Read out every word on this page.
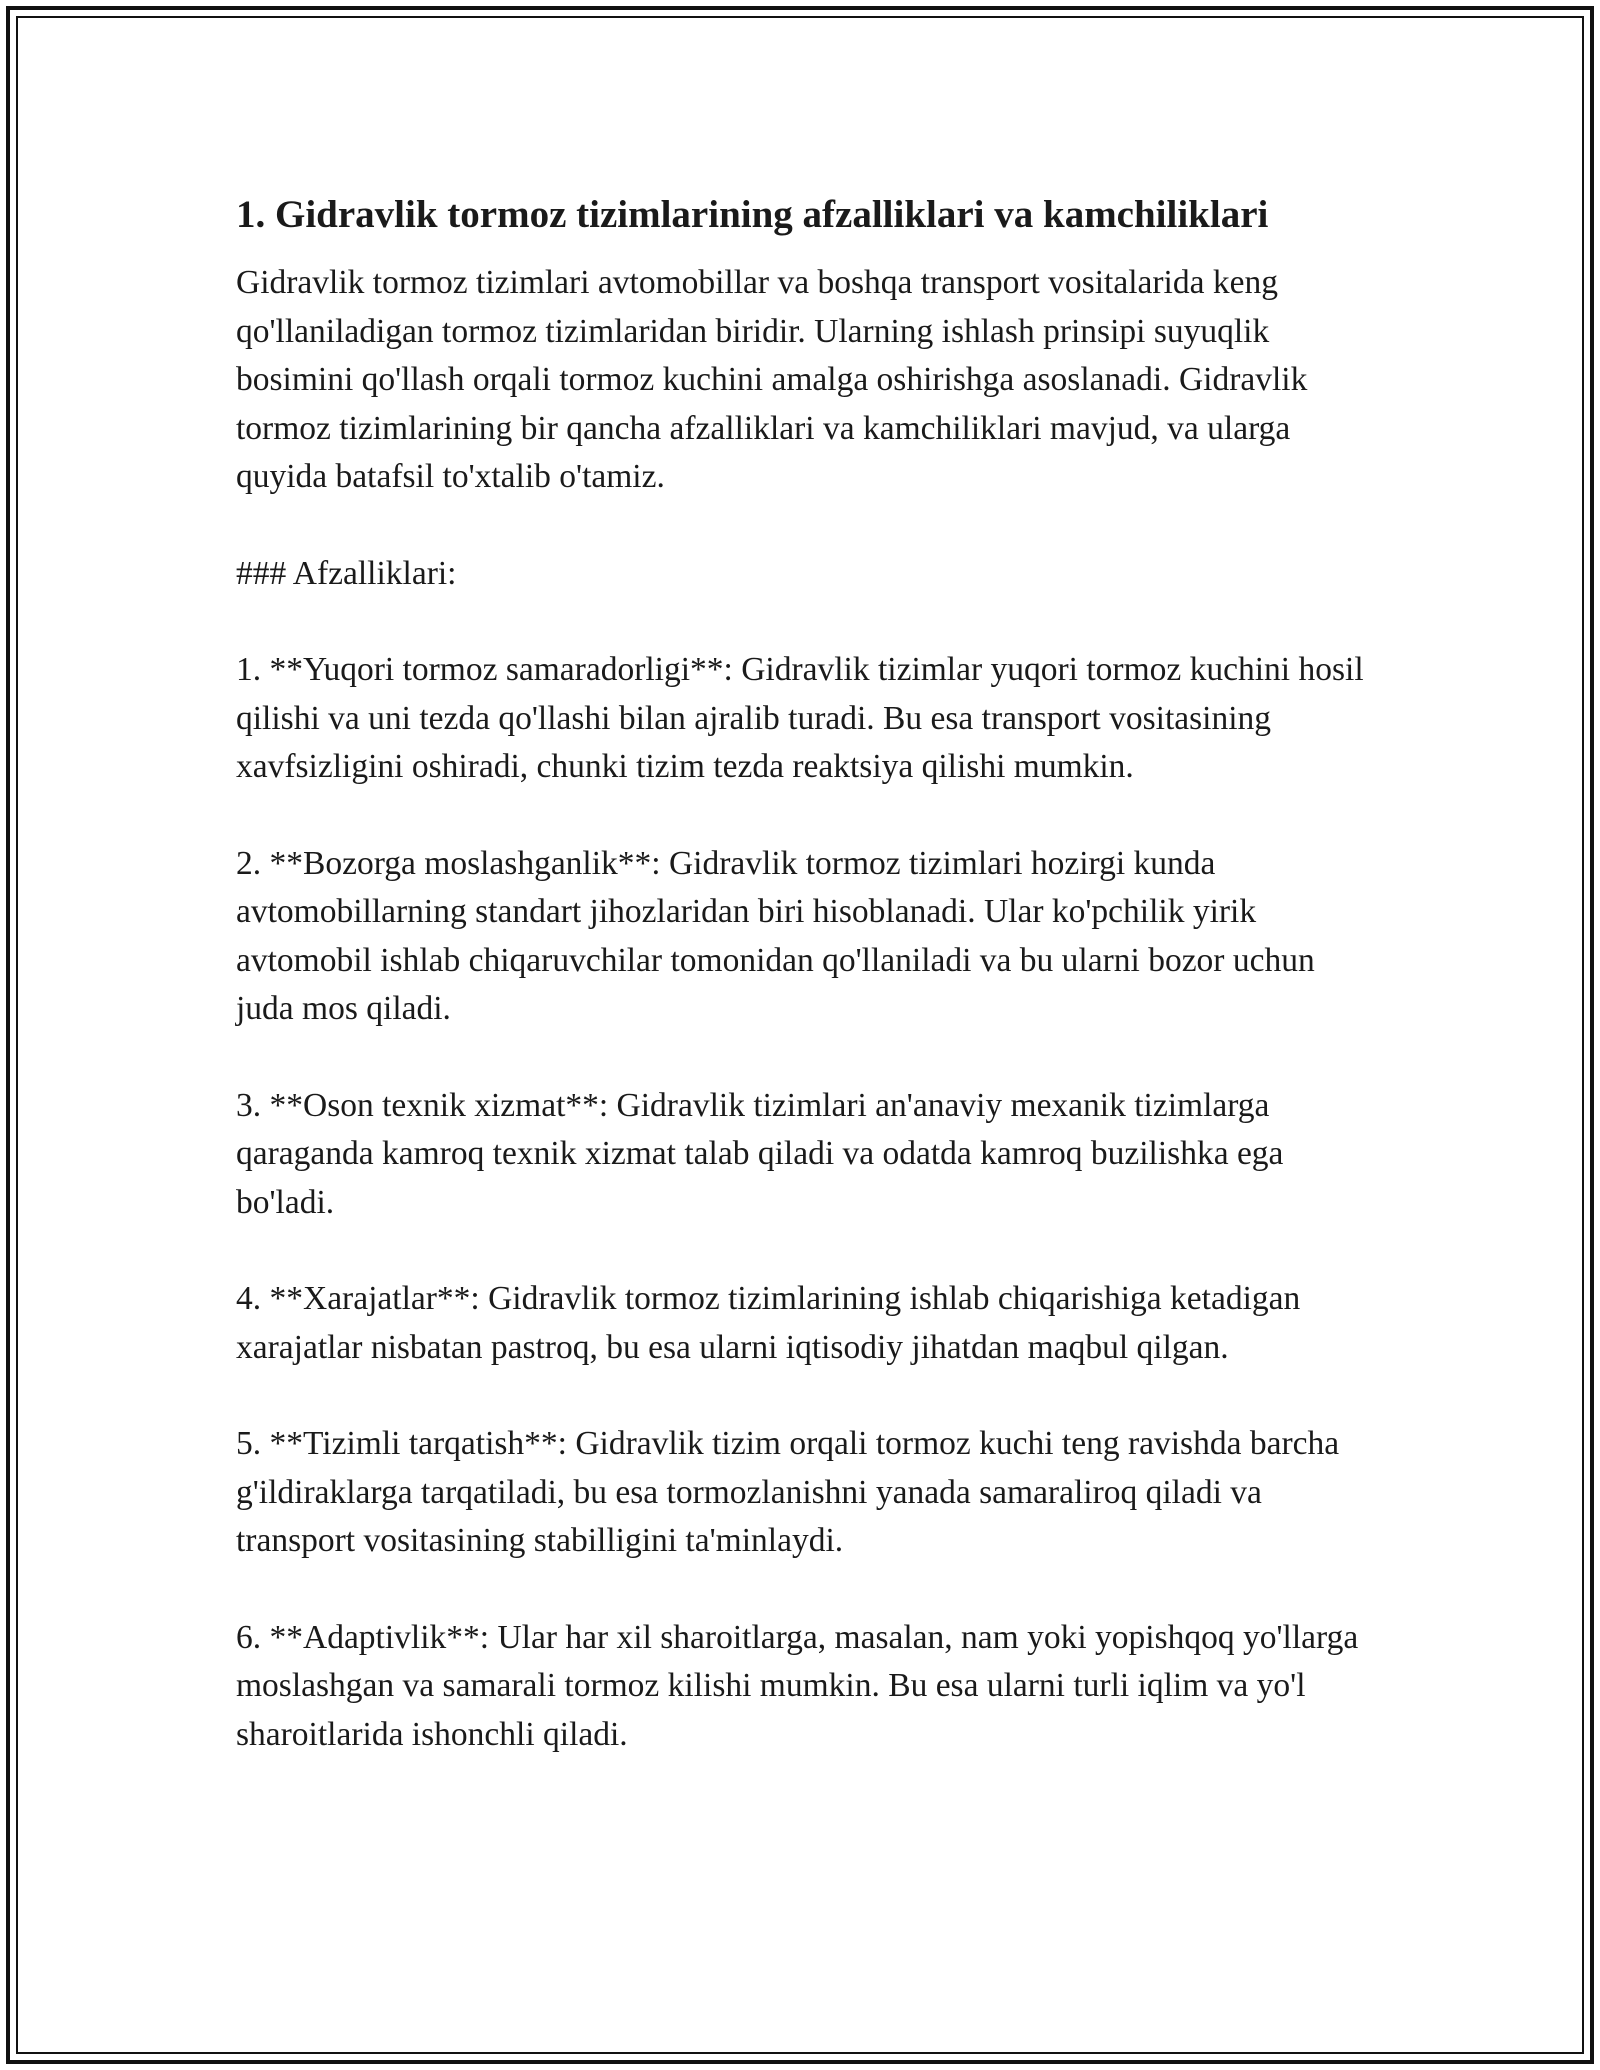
1. Gidravlik tormoz tizimlarining afzalliklari va kamchiliklari

Gidravlik tormoz tizimlari avtomobillar va boshqa transport vositalarida keng qo'llaniladigan tormoz tizimlaridan biridir. Ularning ishlash prinsipi suyuqlik bosimini qo'llash orqali tormoz kuchini amalga oshirishga asoslanadi. Gidravlik tormoz tizimlarining bir qancha afzalliklari va kamchiliklari mavjud, va ularga quyida batafsil to'xtalib o'tamiz.

### Afzalliklari:

1. **Yuqori tormoz samaradorligi**: Gidravlik tizimlar yuqori tormoz kuchini hosil qilishi va uni tezda qo'llashi bilan ajralib turadi. Bu esa transport vositasining xavfsizligini oshiradi, chunki tizim tezda reaktsiya qilishi mumkin.

2. **Bozorga moslashganlik**: Gidravlik tormoz tizimlari hozirgi kunda avtomobillarning standart jihozlaridan biri hisoblanadi. Ular ko'pchilik yirik avtomobil ishlab chiqaruvchilar tomonidan qo'llaniladi va bu ularni bozor uchun juda mos qiladi.

3. **Oson texnik xizmat**: Gidravlik tizimlari an'anaviy mexanik tizimlarga qaraganda kamroq texnik xizmat talab qiladi va odatda kamroq buzilishka ega bo'ladi.

4. **Xarajatlar**: Gidravlik tormoz tizimlarining ishlab chiqarishiga ketadigan xarajatlar nisbatan pastroq, bu esa ularni iqtisodiy jihatdan maqbul qilgan.

5. **Tizimli tarqatish**: Gidravlik tizim orqali tormoz kuchi teng ravishda barcha g'ildiraklarga tarqatiladi, bu esa tormozlanishni yanada samaraliroq qiladi va transport vositasining stabilligini ta'minlaydi.

6. **Adaptivlik**: Ular har xil sharoitlarga, masalan, nam yoki yopishqoq yo'llarga moslashgan va samarali tormoz kilishi mumkin. Bu esa ularni turli iqlim va yo'l sharoitlarida ishonchli qiladi.
